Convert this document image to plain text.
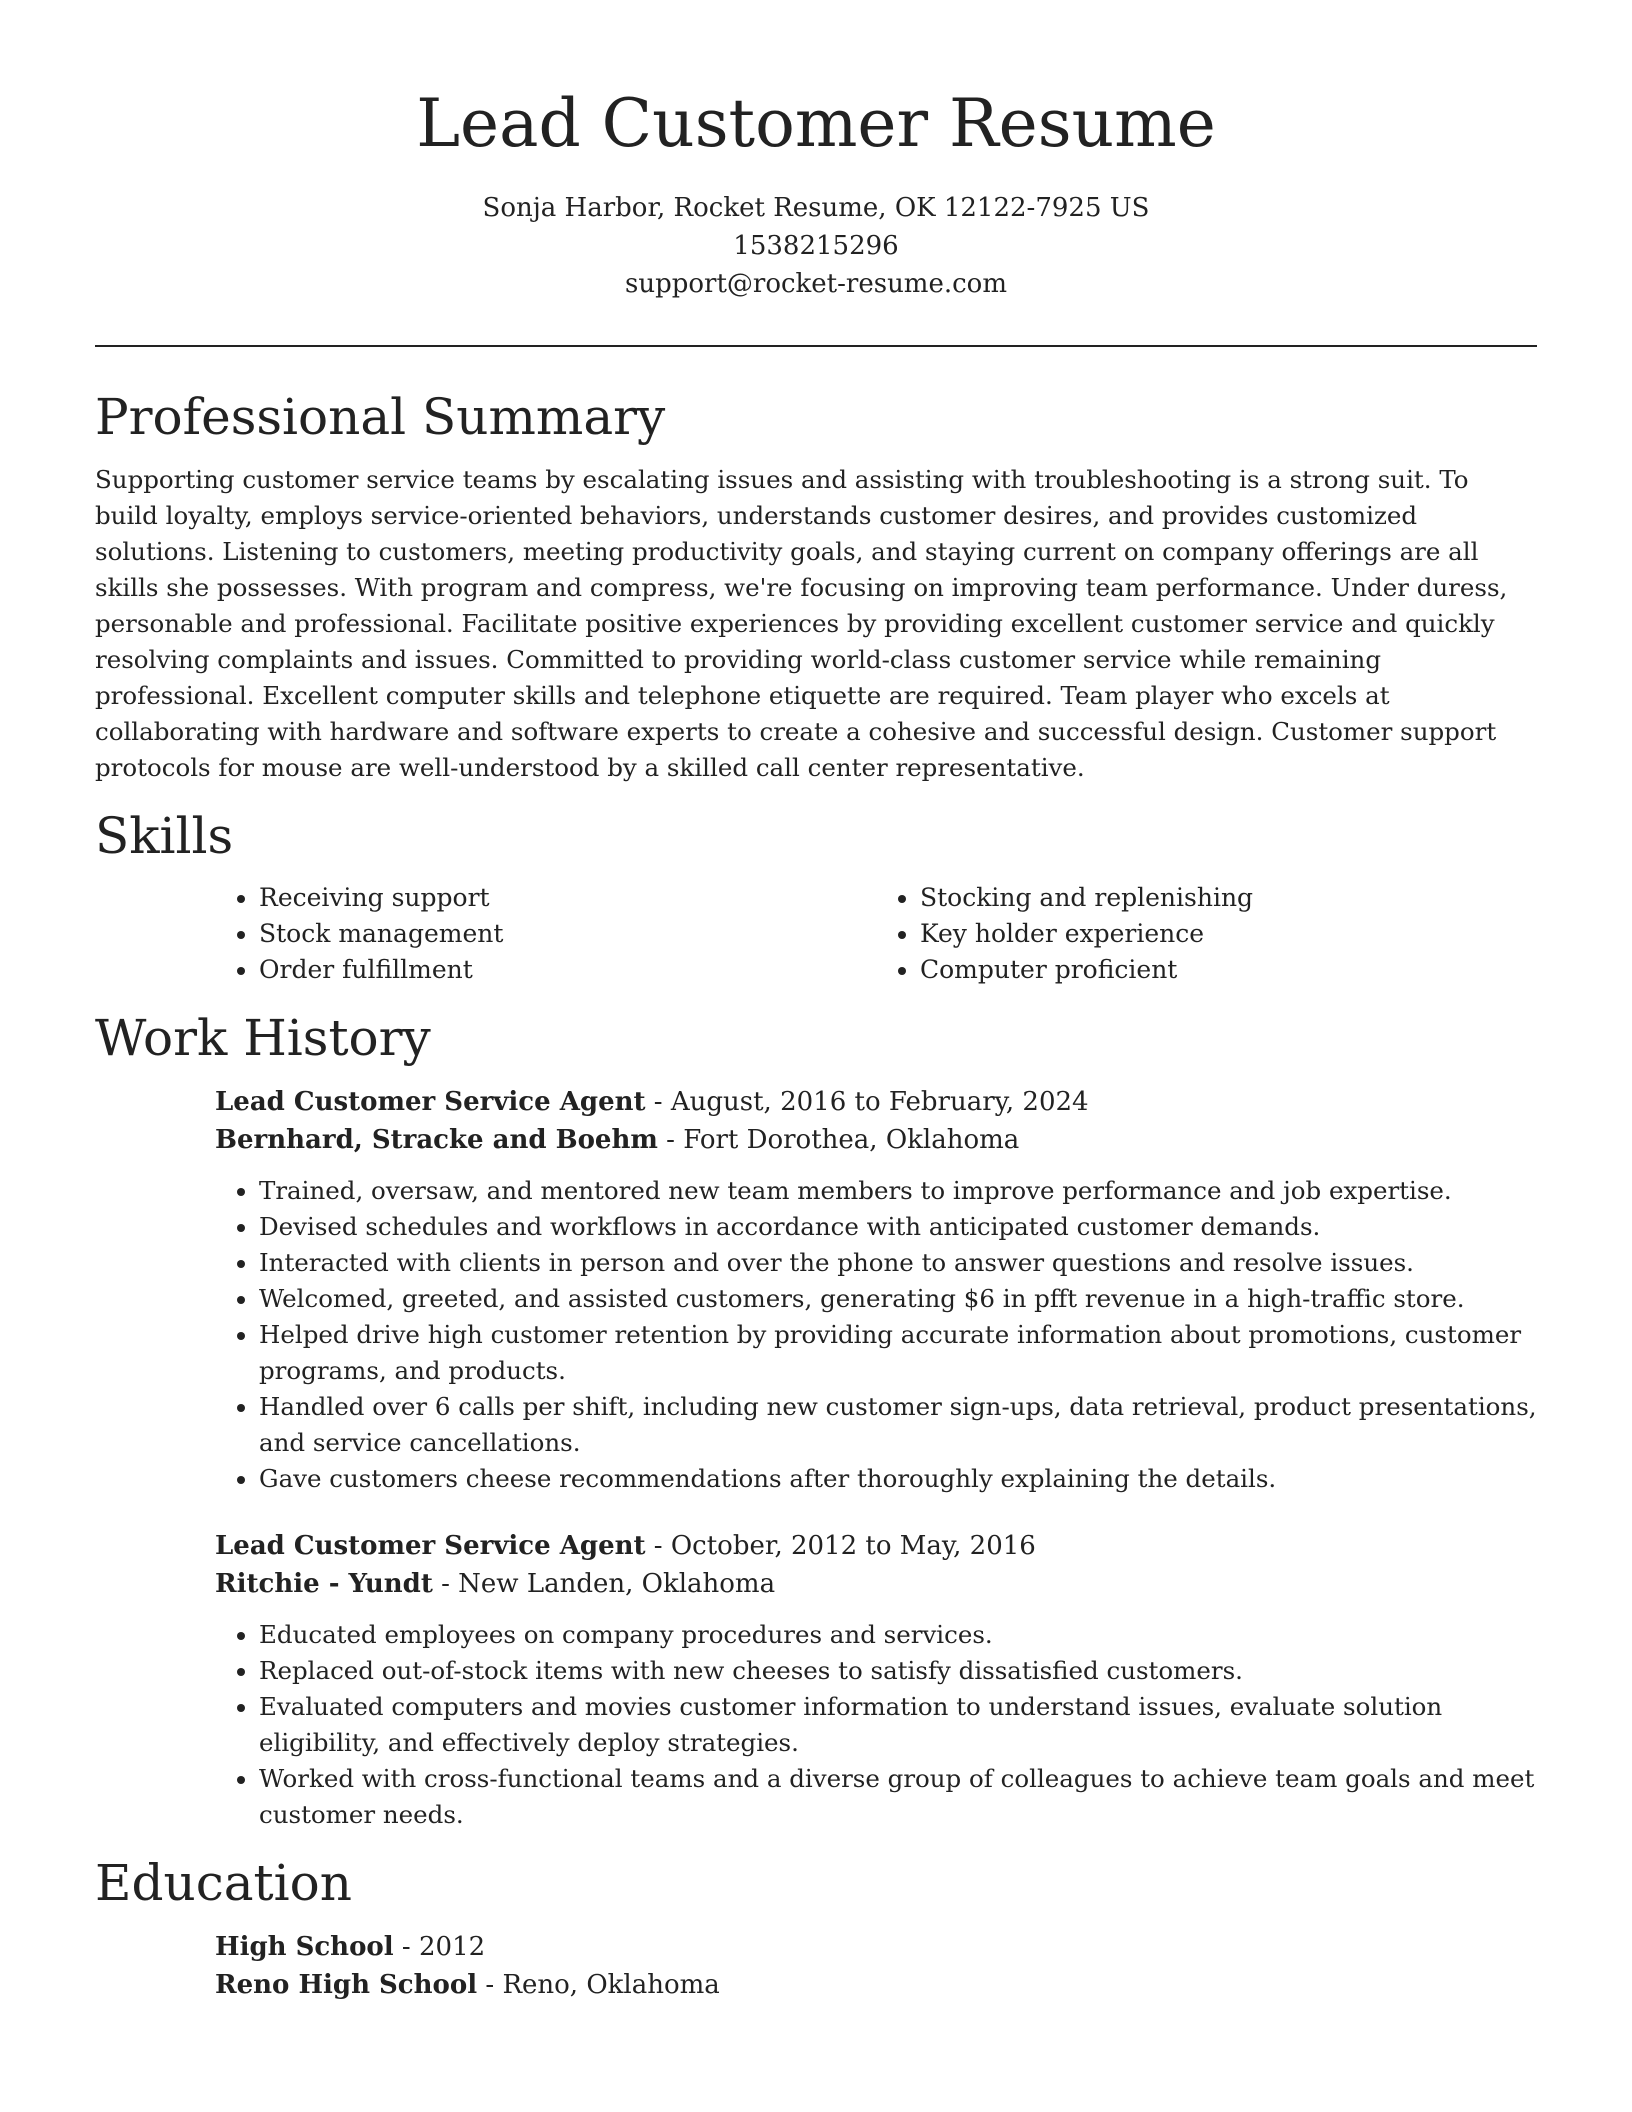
Lead Customer Resume
Sonja Harbor, Rocket Resume, OK 12122-7925 US
1538215296
support@rocket-resume.com
Professional Summary

Supporting customer service teams by escalating issues and assisting with troubleshooting is a strong suit. To build loyalty, employs service-oriented behaviors, understands customer desires, and provides customized solutions. Listening to customers, meeting productivity goals, and staying current on company offerings are all skills she possesses. With program and compress, we're focusing on improving team performance. Under duress, personable and professional. Facilitate positive experiences by providing excellent customer service and quickly resolving complaints and issues. Committed to providing world-class customer service while remaining professional. Excellent computer skills and telephone etiquette are required. Team player who excels at collaborating with hardware and software experts to create a cohesive and successful design. Customer support protocols for mouse are well-understood by a skilled call center representative.

Skills
• Receiving support
• Stock management
• Order fulfillment
• Stocking and replenishing
• Key holder experience
• Computer proficient
Work History
Lead Customer Service Agent - August, 2016 to February, 2024
Bernhard, Stracke and Boehm - Fort Dorothea, Oklahoma
• Trained, oversaw, and mentored new team members to improve performance and job expertise.
• Devised schedules and workflows in accordance with anticipated customer demands.
• Interacted with clients in person and over the phone to answer questions and resolve issues.
• Welcomed, greeted, and assisted customers, generating $6 in pfft revenue in a high-traffic store.
• Helped drive high customer retention by providing accurate information about promotions, customer programs, and products.
• Handled over 6 calls per shift, including new customer sign-ups, data retrieval, product presentations, and service cancellations.
• Gave customers cheese recommendations after thoroughly explaining the details.
Lead Customer Service Agent - October, 2012 to May, 2016
Ritchie - Yundt - New Landen, Oklahoma
• Educated employees on company procedures and services.
• Replaced out-of-stock items with new cheeses to satisfy dissatisfied customers.
• Evaluated computers and movies customer information to understand issues, evaluate solution eligibility, and effectively deploy strategies.
• Worked with cross-functional teams and a diverse group of colleagues to achieve team goals and meet customer needs.
Education
High School - 2012
Reno High School - Reno, Oklahoma
